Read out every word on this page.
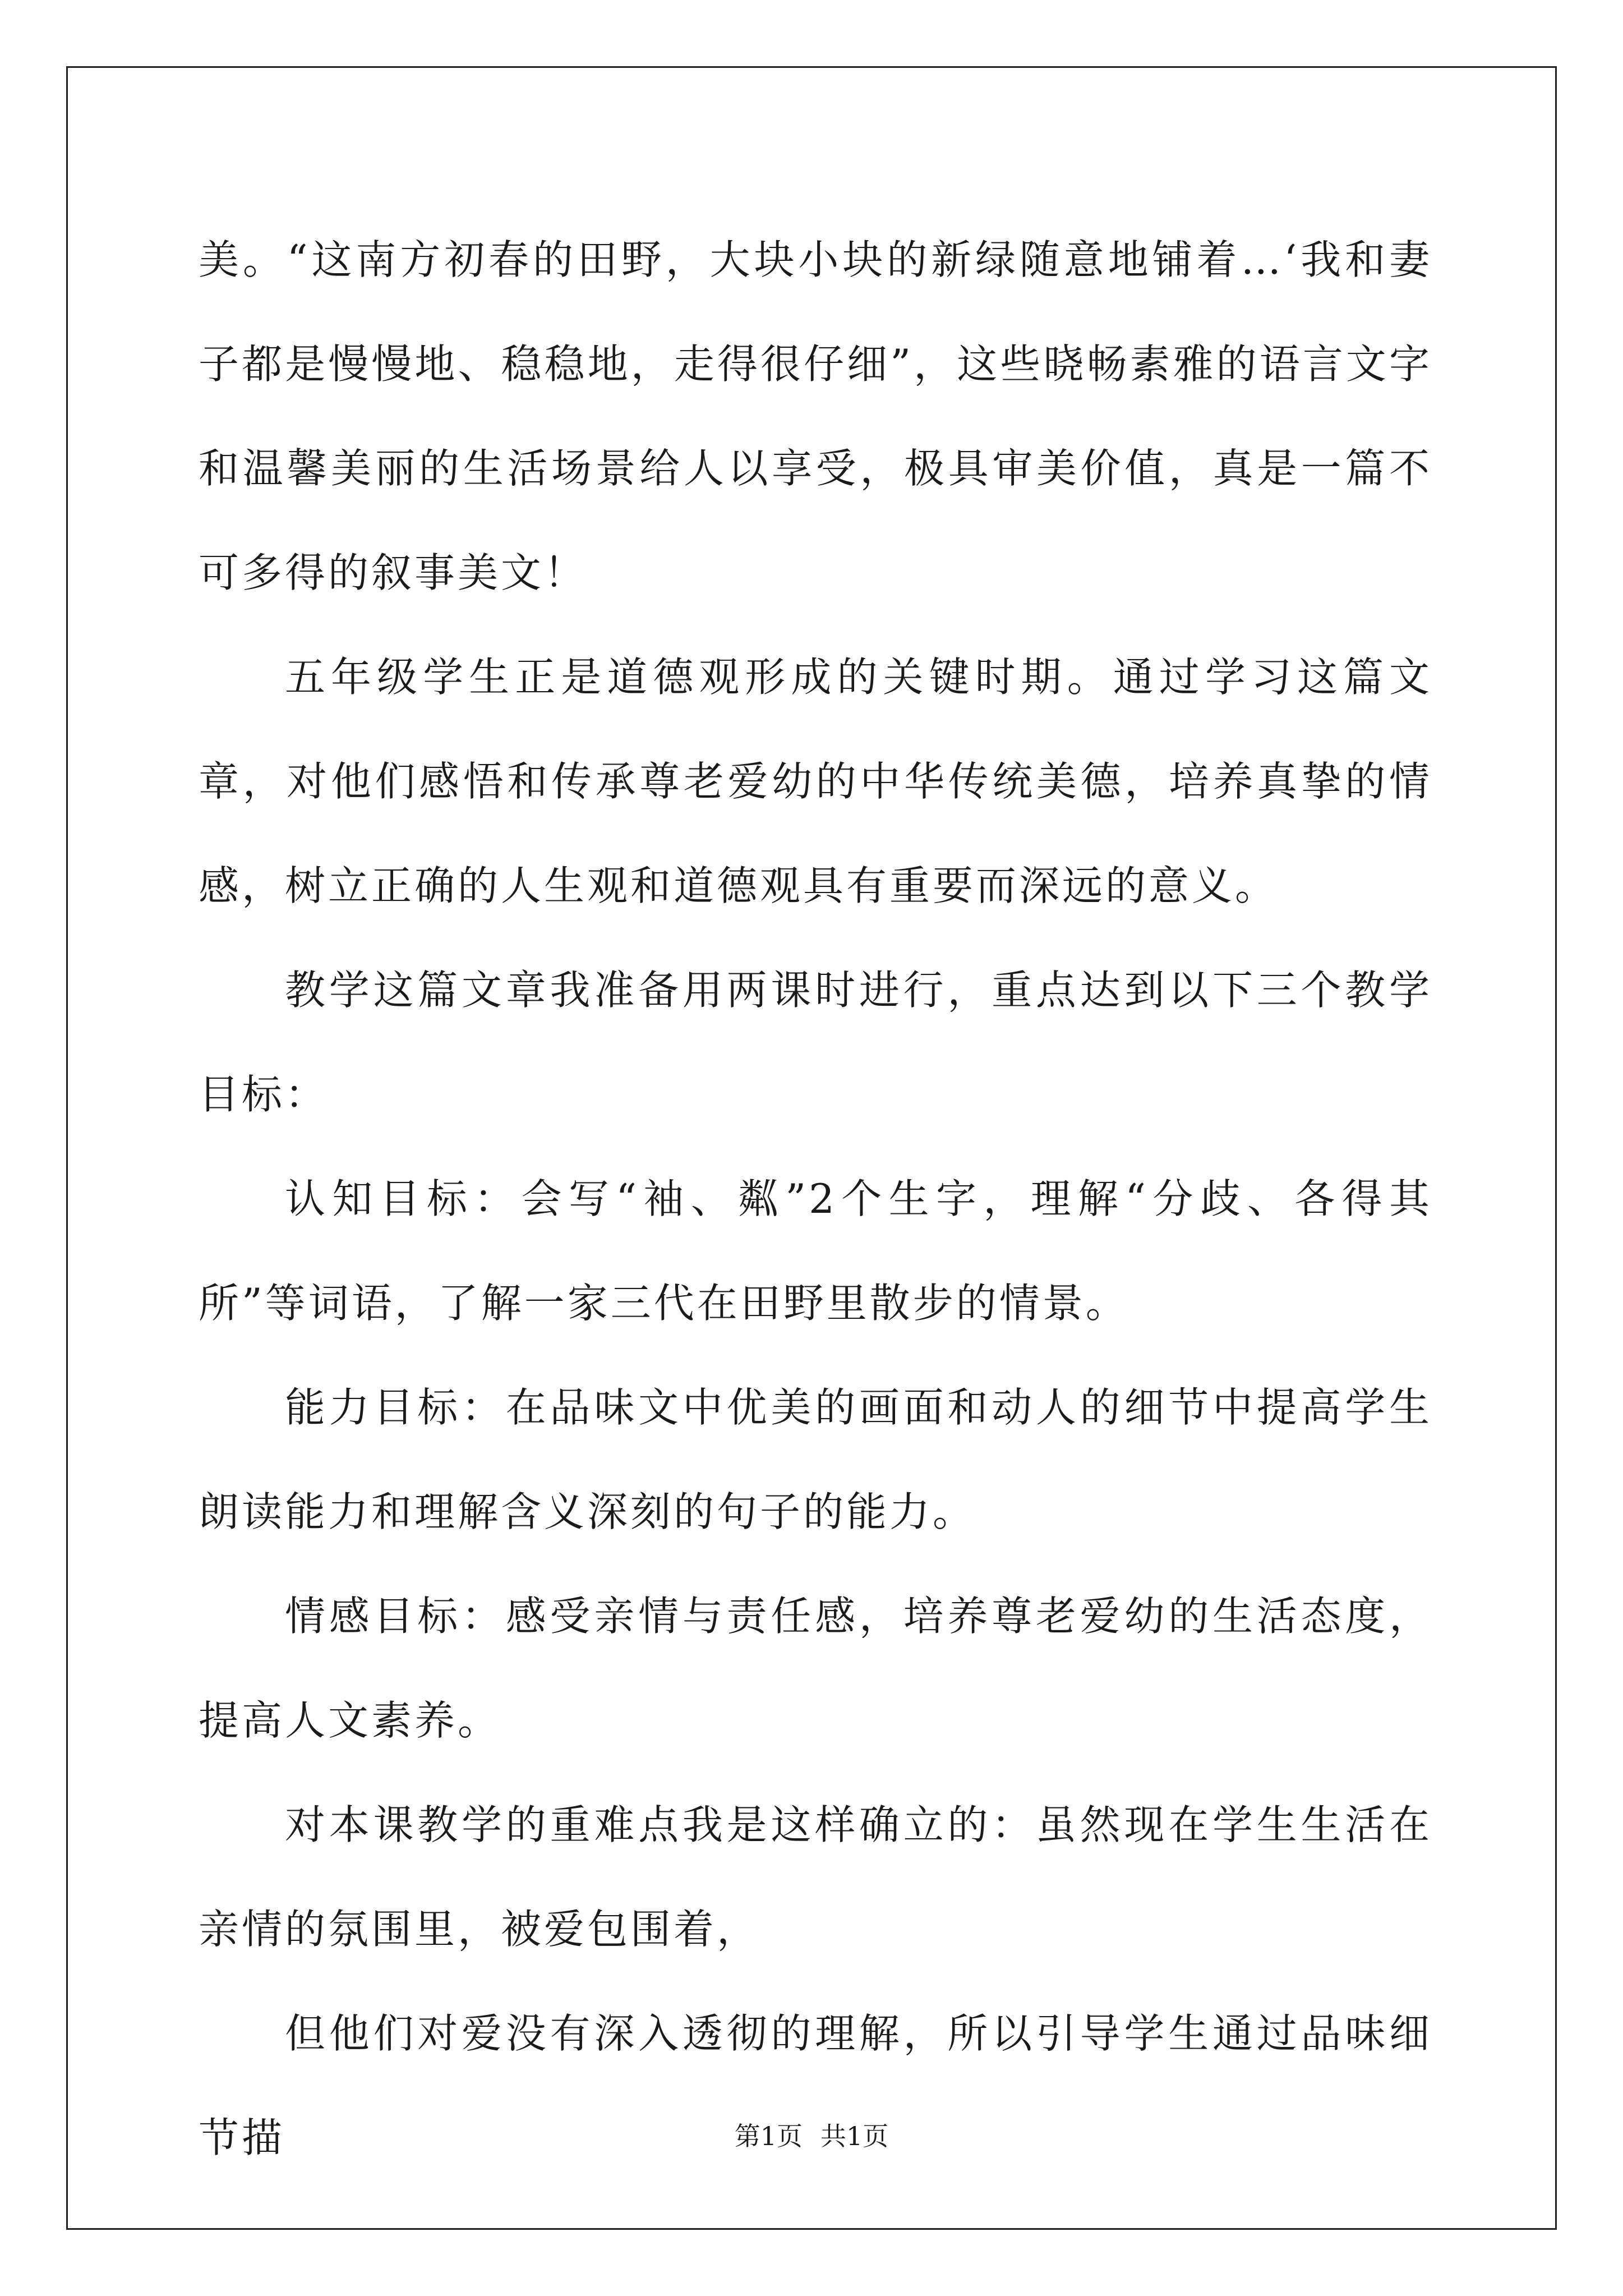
美。“这南方初春的田野，大块小块的新绿随意地铺着…‘我和妻子都是慢慢地、稳稳地，走得很仔细”，这些晓畅素雅的语言文字和温馨美丽的生活场景给人以享受，极具审美价值，真是一篇不可多得的叙事美文！

五年级学生正是道德观形成的关键时期。通过学习这篇文章，对他们感悟和传承尊老爱幼的中华传统美德，培养真挚的情感，树立正确的人生观和道德观具有重要而深远的意义。

教学这篇文章我准备用两课时进行，重点达到以下三个教学目标：

认知目标：会写“袖、粼”2个生字，理解“分歧、各得其所”等词语，了解一家三代在田野里散步的情景。

能力目标：在品味文中优美的画面和动人的细节中提高学生朗读能力和理解含义深刻的句子的能力。

情感目标：感受亲情与责任感，培养尊老爱幼的生活态度，提高人文素养。

对本课教学的重难点我是这样确立的：虽然现在学生生活在亲情的氛围里，被爱包围着，

但他们对爱没有深入透彻的理解，所以引导学生通过品味细节描	第1页 共1页
